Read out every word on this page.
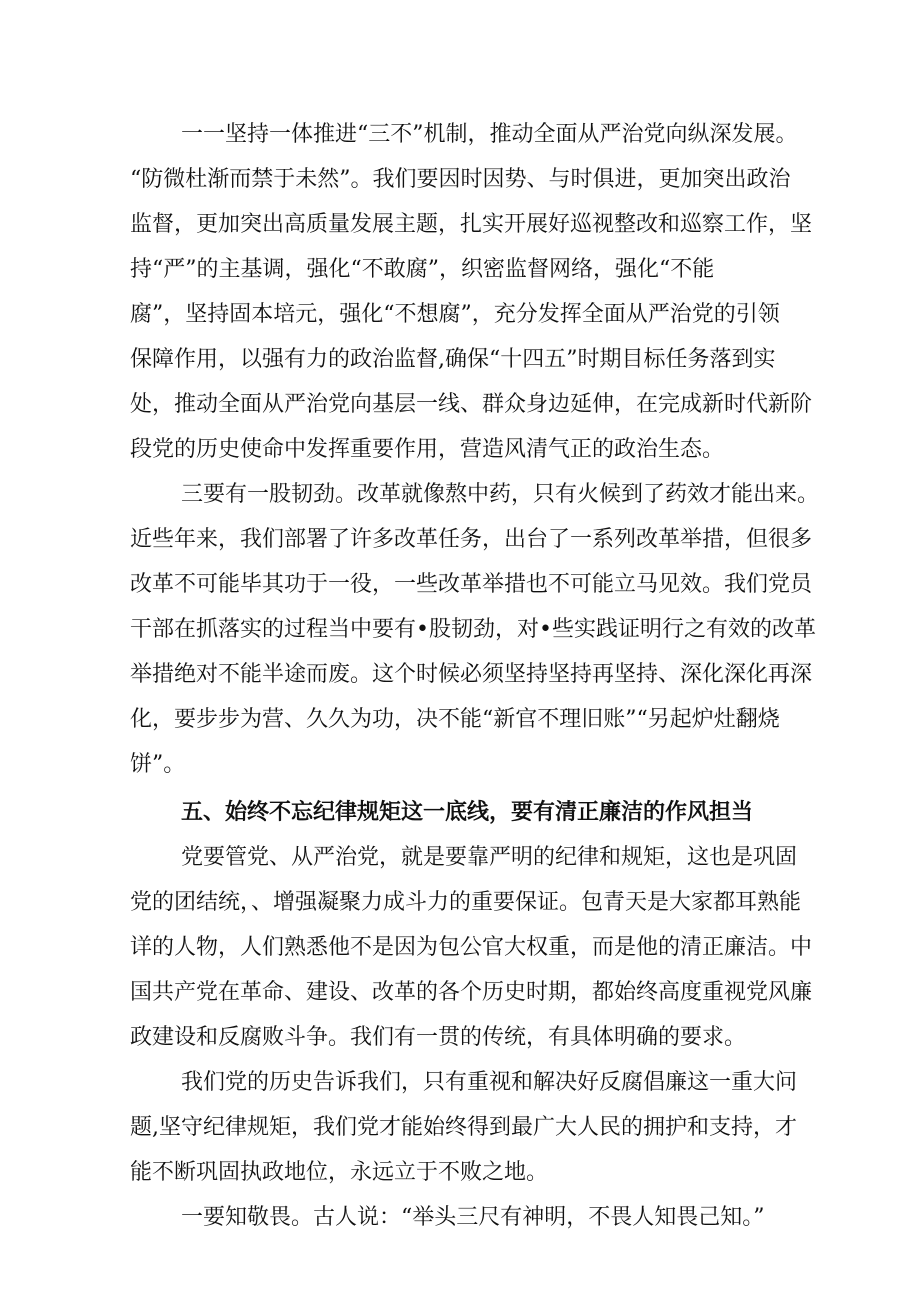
一一坚持一体推进“三不”机制，推动全面从严治党向纵深发展。
“防微杜渐而禁于未然”。我们要因时因势、与时俱进，更加突出政治
监督，更加突出高质量发展主题，扎实开展好巡视整改和巡察工作，坚
持“严”的主基调，强化“不敢腐”，织密监督网络，强化“不能
腐”，坚持固本培元，强化“不想腐”，充分发挥全面从严治党的引领
保障作用，以强有力的政治监督,确保“十四五”时期目标任务落到实
处，推动全面从严治党向基层一线、群众身边延伸，在完成新时代新阶
段党的历史使命中发挥重要作用，营造风清气正的政治生态。
三要有一股韧劲。改革就像熬中药，只有火候到了药效才能出来。
近些年来，我们部署了许多改革任务，出台了一系列改革举措，但很多
改革不可能毕其功于一役，一些改革举措也不可能立马见效。我们党员
干部在抓落实的过程当中要有•股韧劲，对•些实践证明行之有效的改革
举措绝对不能半途而废。这个时候必须坚持坚持再坚持、深化深化再深
化，要步步为营、久久为功，决不能“新官不理旧账”“另起炉灶翻烧
饼”。
五、始终不忘纪律规矩这一底线，要有清正廉洁的作风担当
党要管党、从严治党，就是要靠严明的纪律和规矩，这也是巩固
党的团结统，、增强凝聚力成斗力的重要保证。包青天是大家都耳熟能
详的人物，人们熟悉他不是因为包公官大权重，而是他的清正廉洁。中
国共产党在革命、建设、改革的各个历史时期，都始终高度重视党风廉
政建设和反腐败斗争。我们有一贯的传统，有具体明确的要求。
我们党的历史告诉我们，只有重视和解决好反腐倡廉这一重大问
题,坚守纪律规矩，我们党才能始终得到最广大人民的拥护和支持，才
能不断巩固执政地位，永远立于不败之地。
一要知敬畏。古人说：“举头三尺有神明，不畏人知畏己知。”
